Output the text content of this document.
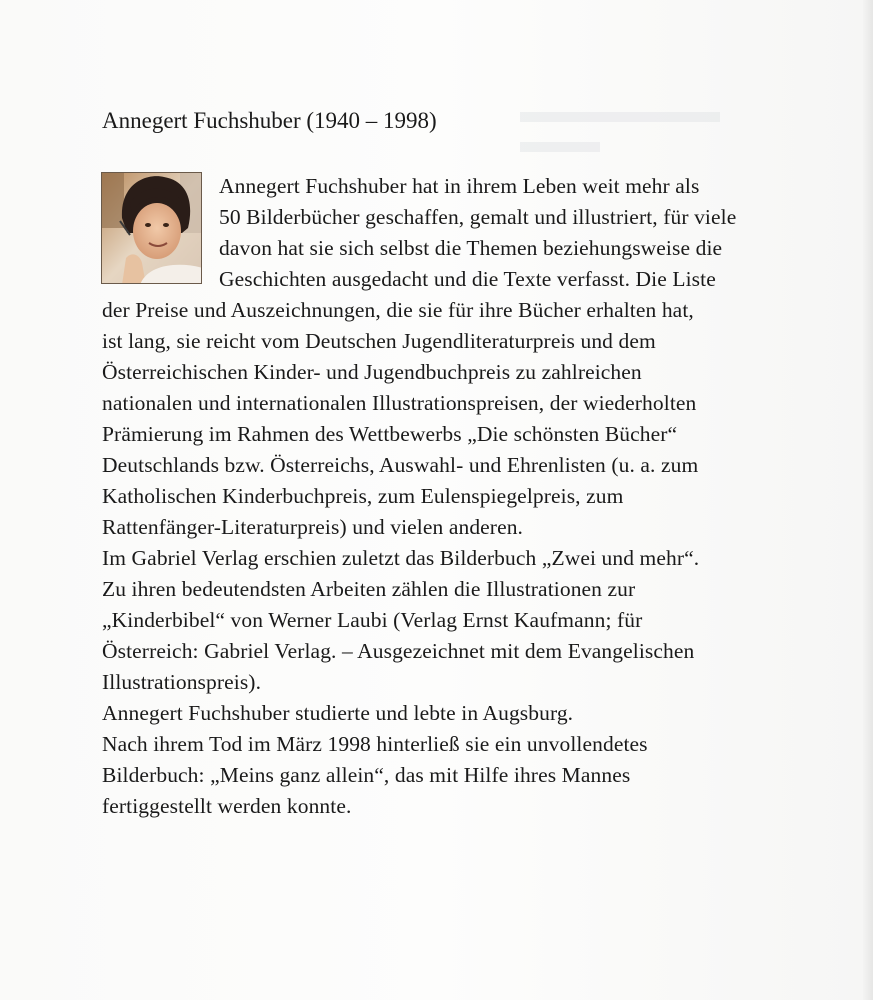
Annegert Fuchshuber (1940 – 1998)
Annegert Fuchshuber hat in ihrem Leben weit mehr als
50 Bilderbücher geschaffen, gemalt und illustriert, für viele
davon hat sie sich selbst die Themen beziehungsweise die
Geschichten ausgedacht und die Texte verfasst. Die Liste
der Preise und Auszeichnungen, die sie für ihre Bücher erhalten hat,
ist lang, sie reicht vom Deutschen Jugendliteraturpreis und dem
Österreichischen Kinder- und Jugendbuchpreis zu zahlreichen
nationalen und internationalen Illustrationspreisen, der wiederholten
Prämierung im Rahmen des Wettbewerbs „Die schönsten Bücher“
Deutschlands bzw. Österreichs, Auswahl- und Ehrenlisten (u. a. zum
Katholischen Kinderbuchpreis, zum Eulenspiegelpreis, zum
Rattenfänger-Literaturpreis) und vielen anderen.
Im Gabriel Verlag erschien zuletzt das Bilderbuch „Zwei und mehr“.
Zu ihren bedeutendsten Arbeiten zählen die Illustrationen zur
„Kinderbibel“ von Werner Laubi (Verlag Ernst Kaufmann; für
Österreich: Gabriel Verlag. – Ausgezeichnet mit dem Evangelischen
Illustrationspreis).
Annegert Fuchshuber studierte und lebte in Augsburg.
Nach ihrem Tod im März 1998 hinterließ sie ein unvollendetes
Bilderbuch: „Meins ganz allein“, das mit Hilfe ihres Mannes
fertiggestellt werden konnte.
